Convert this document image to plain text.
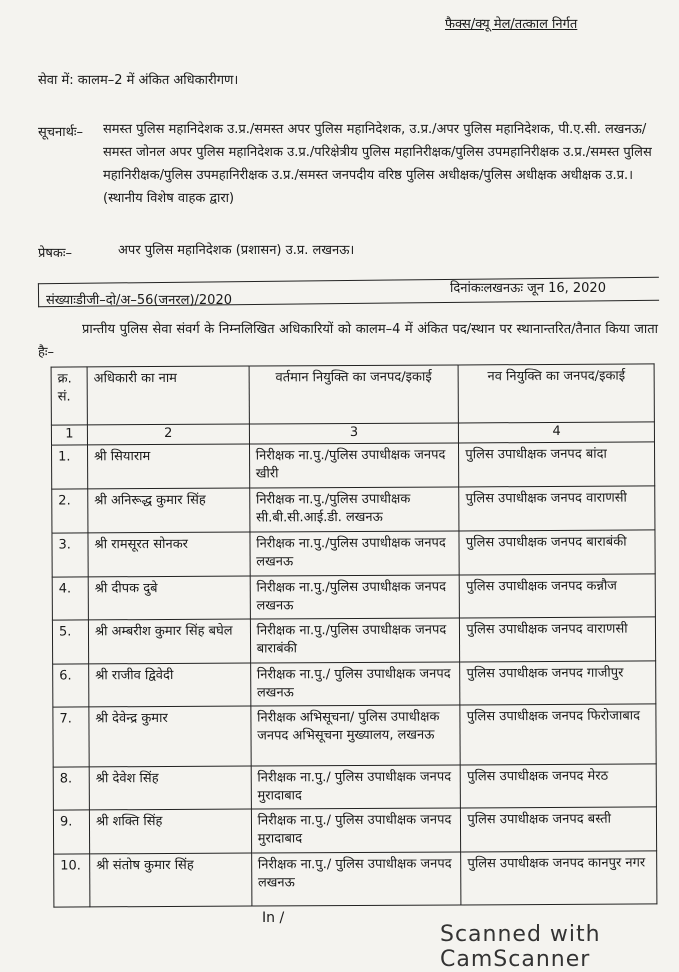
फैक्स/क्यू मेल/तत्काल निर्गत
सेवा में: कालम–2 में अंकित अधिकारीगण।
सूचनार्थः– समस्त पुलिस महानिदेशक उ.प्र./समस्त अपर पुलिस महानिदेशक, उ.प्र./अपर पुलिस महानिदेशक, पी.ए.सी. लखनऊ/समस्त जोनल अपर पुलिस महानिदेशक उ.प्र./परिक्षेत्रीय पुलिस महानिरीक्षक/पुलिस उपमहानिरीक्षक उ.प्र./समस्त पुलिस महानिरीक्षक/पुलिस उपमहानिरीक्षक उ.प्र./समस्त जनपदीय वरिष्ठ पुलिस अधीक्षक/पुलिस अधीक्षक अधीक्षक उ.प्र.। (स्थानीय विशेष वाहक द्वारा)
प्रेषकः–	अपर पुलिस महानिदेशक (प्रशासन) उ.प्र. लखनऊ।
संख्याःडीजी–दो/अ–56(जनरल)/2020
दिनांकःलखनऊः जून 16, 2020
प्रान्तीय पुलिस सेवा संवर्ग के निम्नलिखित अधिकारियों को कालम–4 में अंकित पद/स्थान पर स्थानान्तरित/तैनात किया जाता हैः–
क्र. सं.	अधिकारी का नाम	वर्तमान नियुक्ति का जनपद/इकाई	नव नियुक्ति का जनपद/इकाई
1	2	3	4
1.	श्री सियाराम	निरीक्षक ना.पु./पुलिस उपाधीक्षक जनपद खीरी	पुलिस उपाधीक्षक जनपद बांदा
2.	श्री अनिरूद्ध कुमार सिंह	निरीक्षक ना.पु./पुलिस उपाधीक्षक सी.बी.सी.आई.डी. लखनऊ	पुलिस उपाधीक्षक जनपद वाराणसी
3.	श्री रामसूरत सोनकर	निरीक्षक ना.पु./पुलिस उपाधीक्षक जनपद लखनऊ	पुलिस उपाधीक्षक जनपद बाराबंकी
4.	श्री दीपक दुबे	निरीक्षक ना.पु./पुलिस उपाधीक्षक जनपद लखनऊ	पुलिस उपाधीक्षक जनपद कन्नौज
5.	श्री अम्बरीश कुमार सिंह बघेल	निरीक्षक ना.पु./पुलिस उपाधीक्षक जनपद बाराबंकी	पुलिस उपाधीक्षक जनपद वाराणसी
6.	श्री राजीव द्विवेदी	निरीक्षक ना.पु./ पुलिस उपाधीक्षक जनपद लखनऊ	पुलिस उपाधीक्षक जनपद गाजीपुर
7.	श्री देवेन्द्र कुमार	निरीक्षक अभिसूचना/ पुलिस उपाधीक्षक जनपद अभिसूचना मुख्यालय, लखनऊ	पुलिस उपाधीक्षक जनपद फिरोजाबाद
8.	श्री देवेश सिंह	निरीक्षक ना.पु./ पुलिस उपाधीक्षक जनपद मुरादाबाद	पुलिस उपाधीक्षक जनपद मेरठ
9.	श्री शक्ति सिंह	निरीक्षक ना.पु./ पुलिस उपाधीक्षक जनपद मुरादाबाद	पुलिस उपाधीक्षक जनपद बस्ती
10.	श्री संतोष कुमार सिंह	निरीक्षक ना.पु./ पुलिस उपाधीक्षक जनपद लखनऊ	पुलिस उपाधीक्षक जनपद कानपुर नगर
In /
Scanned with CamScanner
